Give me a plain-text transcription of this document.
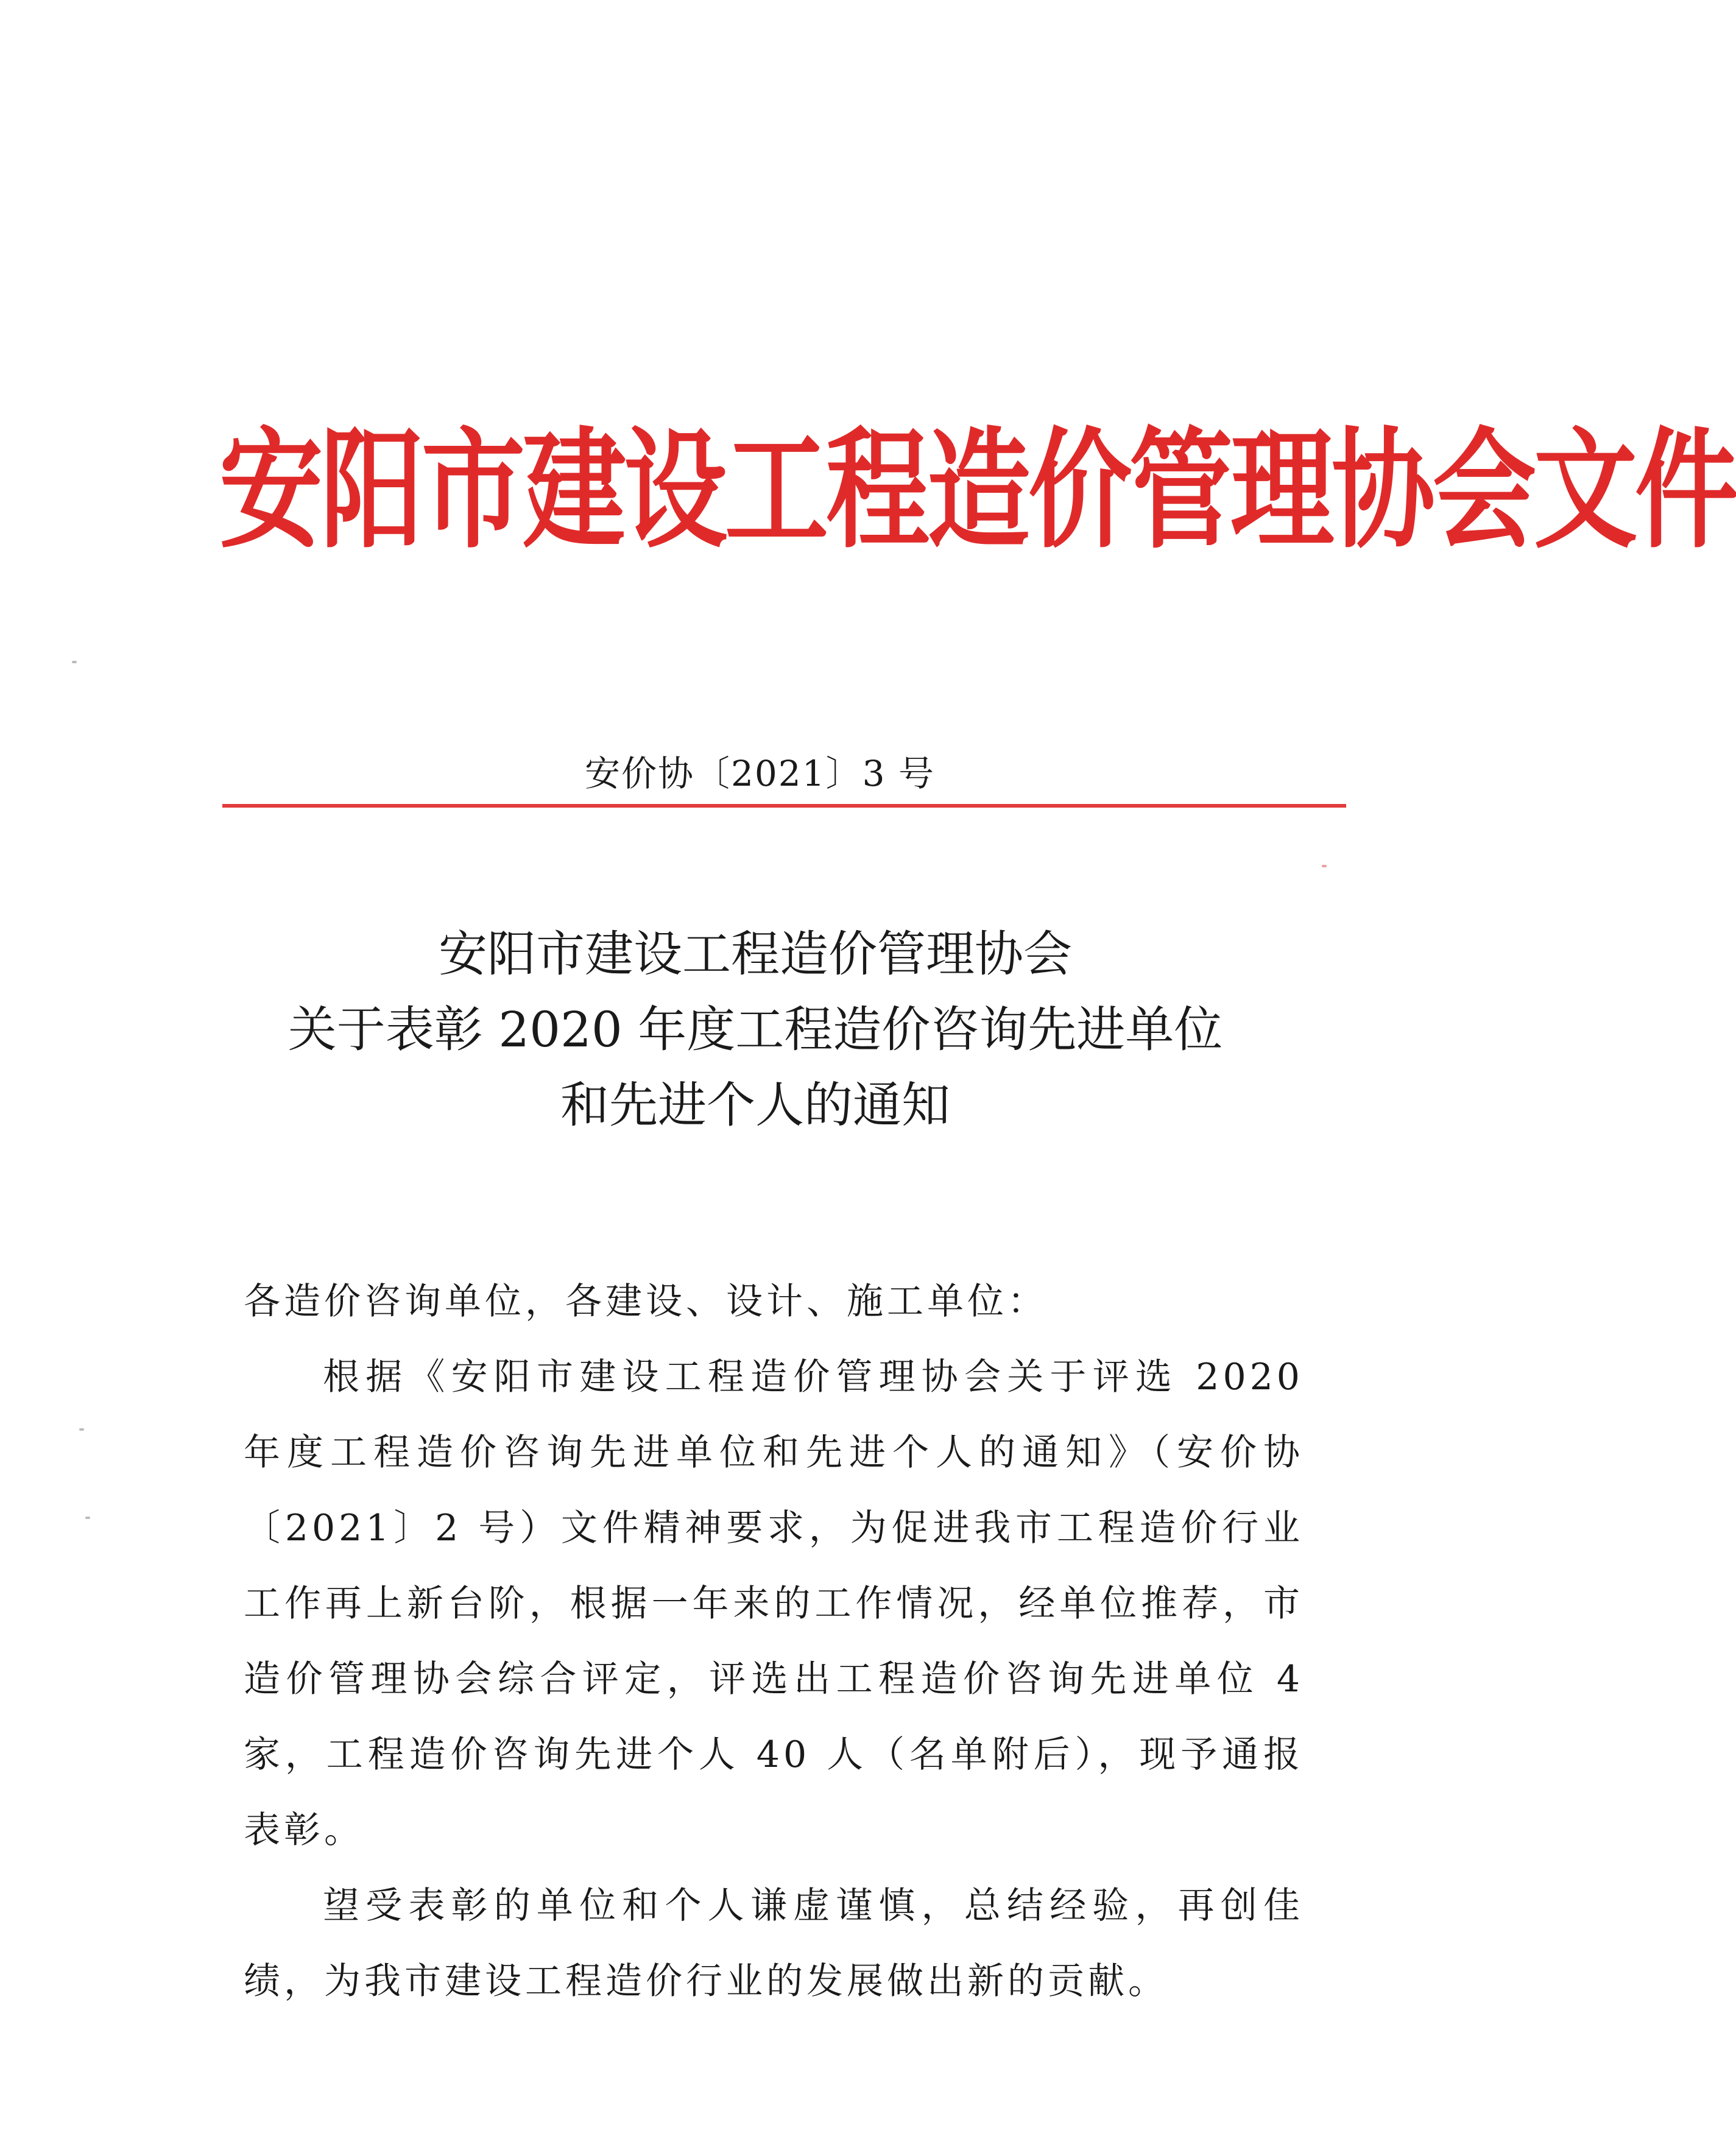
安阳市建设工程造价管理协会文件
安价协〔2021〕3 号
安阳市建设工程造价管理协会
关于表彰 2020 年度工程造价咨询先进单位
和先进个人的通知

各造价咨询单位，各建设、设计、施工单位：

根据《安阳市建设工程造价管理协会关于评选 2020 年度工程造价咨询先进单位和先进个人的通知》（安价协〔2021〕2 号）文件精神要求，为促进我市工程造价行业工作再上新台阶，根据一年来的工作情况，经单位推荐，市造价管理协会综合评定，评选出工程造价咨询先进单位 4 家，工程造价咨询先进个人 40 人（名单附后），现予通报表彰。

望受表彰的单位和个人谦虚谨慎，总结经验，再创佳绩，为我市建设工程造价行业的发展做出新的贡献。
